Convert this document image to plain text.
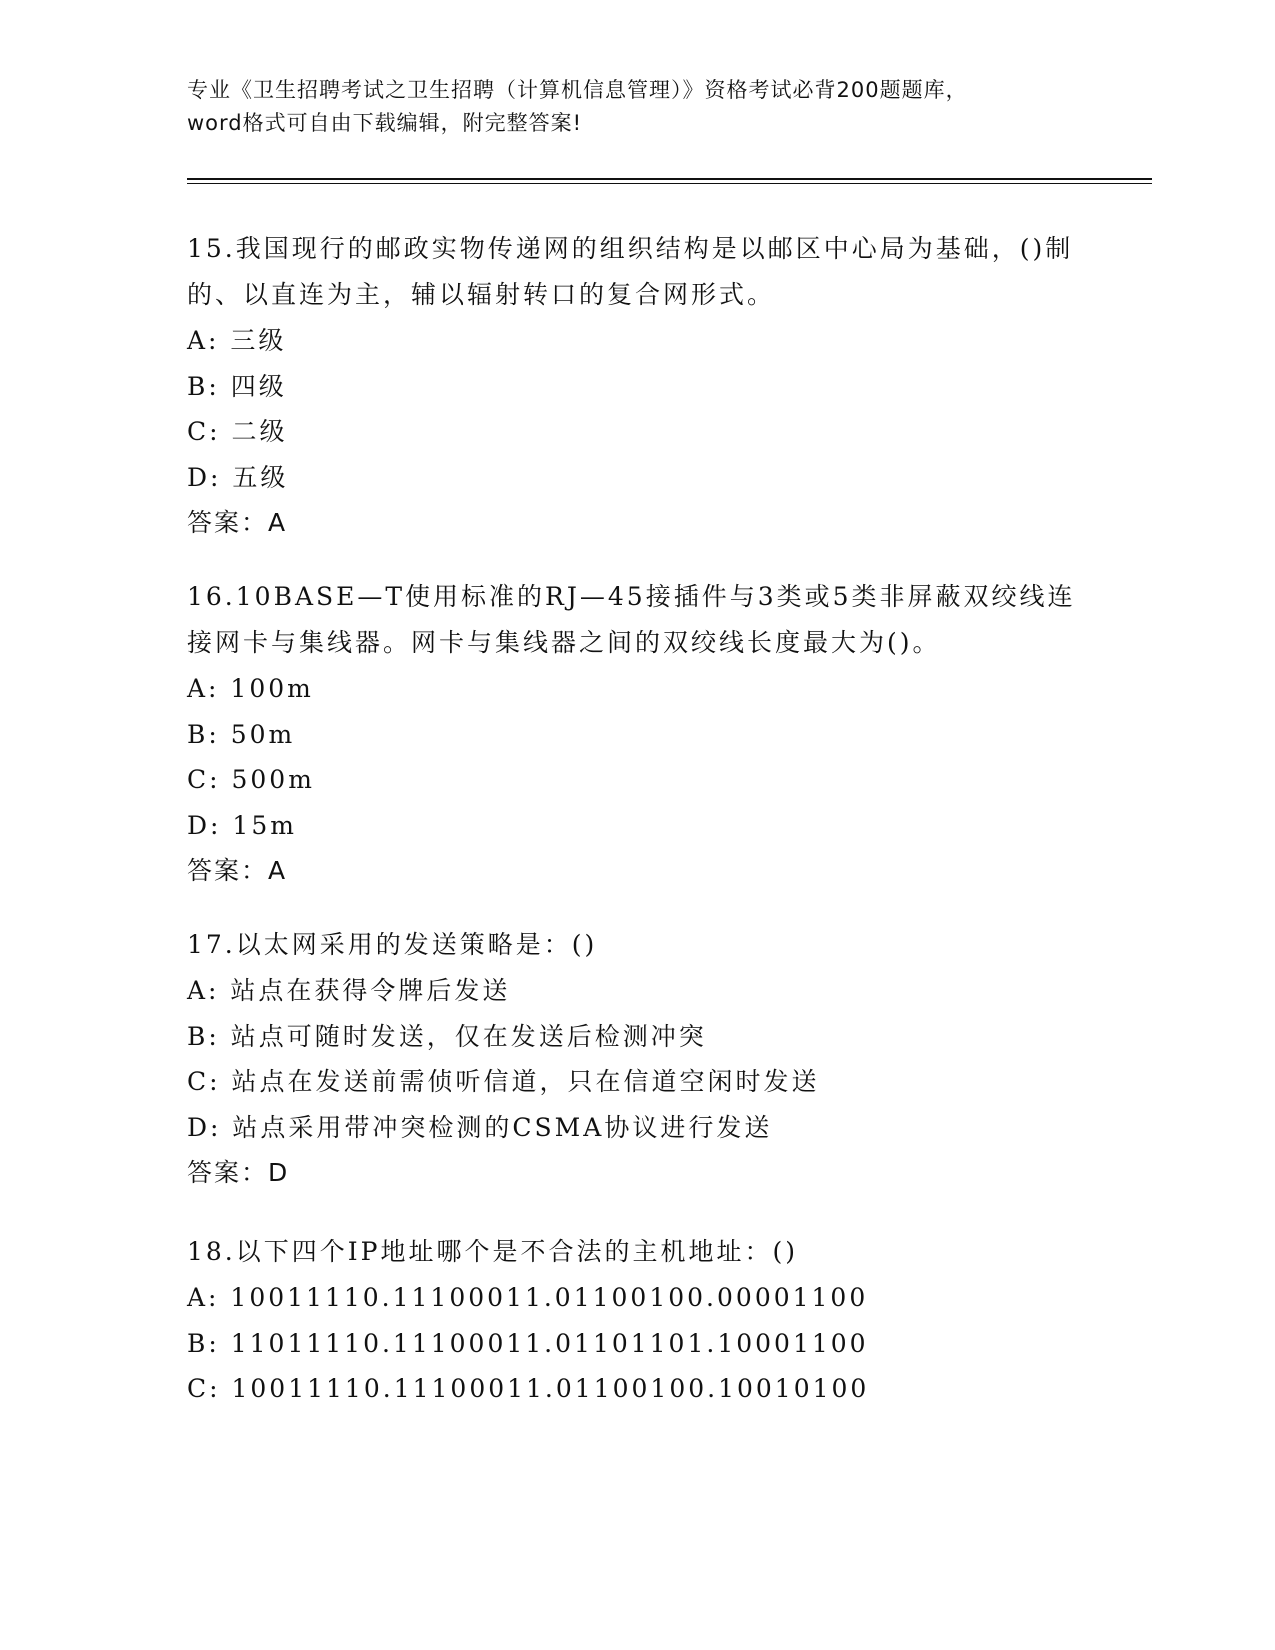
专业《卫生招聘考试之卫生招聘（计算机信息管理）》资格考试必背200题题库，
word格式可自由下载编辑，附完整答案!

15.我国现行的邮政实物传递网的组织结构是以邮区中心局为基础，()制的、以直连为主，辅以辐射转口的复合网形式。

A: 三级

B: 四级

C: 二级

D: 五级

答案：A

16.10BASE—T使用标准的RJ—45接插件与3类或5类非屏蔽双绞线连接网卡与集线器。网卡与集线器之间的双绞线长度最大为()。

A: 100m

B: 50m

C: 500m

D: 15m

答案：A

17.以太网采用的发送策略是：()

A: 站点在获得令牌后发送

B: 站点可随时发送，仅在发送后检测冲突

C: 站点在发送前需侦听信道，只在信道空闲时发送

D: 站点采用带冲突检测的CSMA协议进行发送

答案：D

18.以下四个IP地址哪个是不合法的主机地址：()

A: 10011110.11100011.01100100.00001100

B: 11011110.11100011.01101101.10001100

C: 10011110.11100011.01100100.10010100
